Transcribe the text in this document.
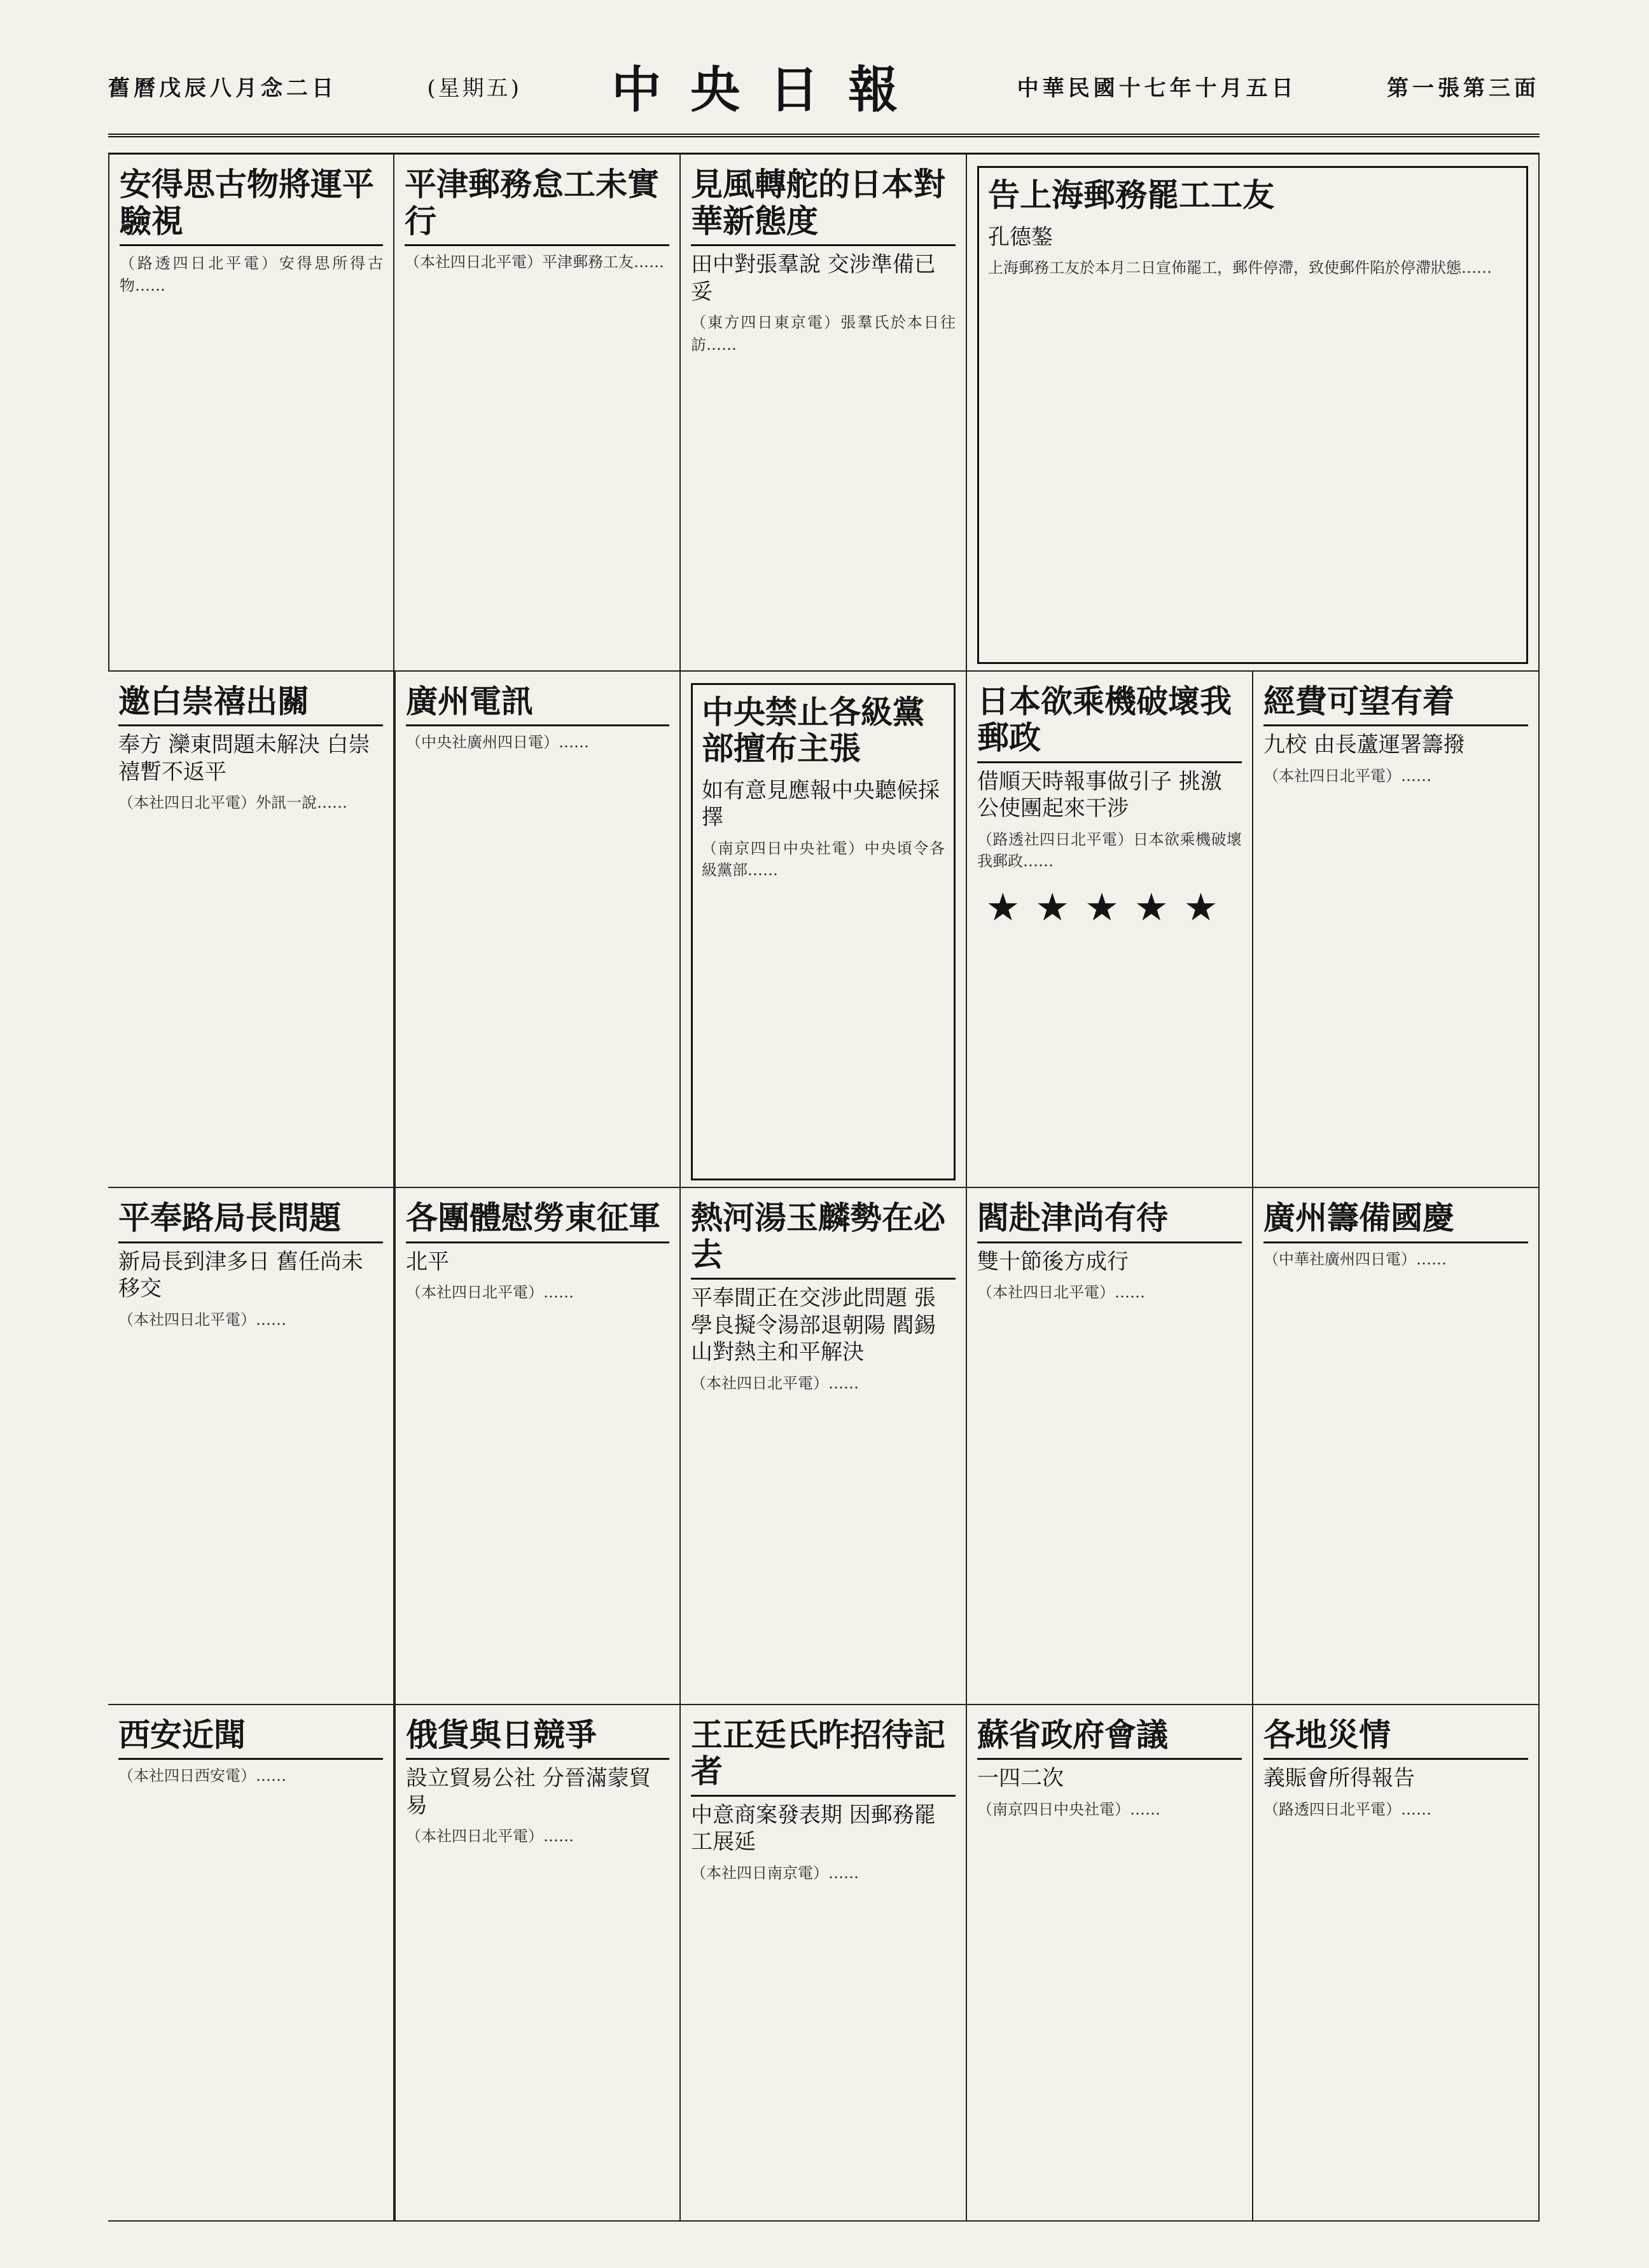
舊曆戊辰八月念二日	(星期五) 中央日報	中華民國十七年十月五日	第一張第三面
安得思古物將運平驗視
（路透四日北平電）安得思所得古物……
平津郵務怠工未實行
（本社四日北平電）平津郵務工友……
見風轉舵的日本對華新態度
田中對張羣說 交涉準備已妥
（東方四日東京電）張羣氏於本日往訪……
告上海郵務罷工工友
孔德鏊
上海郵務工友於本月二日宣佈罷工，郵件停滯，致使郵件陷於停滯狀態……
邀白崇禧出關
奉方 灤東問題未解決 白崇禧暫不返平
（本社四日北平電）外訊一說……
廣州電訊
（中央社廣州四日電）……
中央禁止各級黨部擅布主張
如有意見應報中央聽候採擇
（南京四日中央社電）中央頃令各級黨部……
日本欲乘機破壞我郵政
借順天時報事做引子 挑激公使團起來干涉
（路透社四日北平電）日本欲乘機破壞我郵政……
★★★★★
經費可望有着
九校 由長蘆運署籌撥
（本社四日北平電）……
平奉路局長問題
新局長到津多日 舊任尚未移交
（本社四日北平電）……
各團體慰勞東征軍
北平
（本社四日北平電）……
熱河湯玉麟勢在必去
平奉間正在交涉此問題 張學良擬令湯部退朝陽 閻錫山對熱主和平解決
（本社四日北平電）……
閻赴津尚有待
雙十節後方成行
（本社四日北平電）……
廣州籌備國慶
（中華社廣州四日電）……
西安近聞
（本社四日西安電）……
俄貨與日競爭
設立貿易公社 分晉滿蒙貿易
（本社四日北平電）……
王正廷氏昨招待記者
中意商案發表期 因郵務罷工展延
（本社四日南京電）……
蘇省政府會議
一四二次
（南京四日中央社電）……
各地災情
義賑會所得報告
（路透四日北平電）……
